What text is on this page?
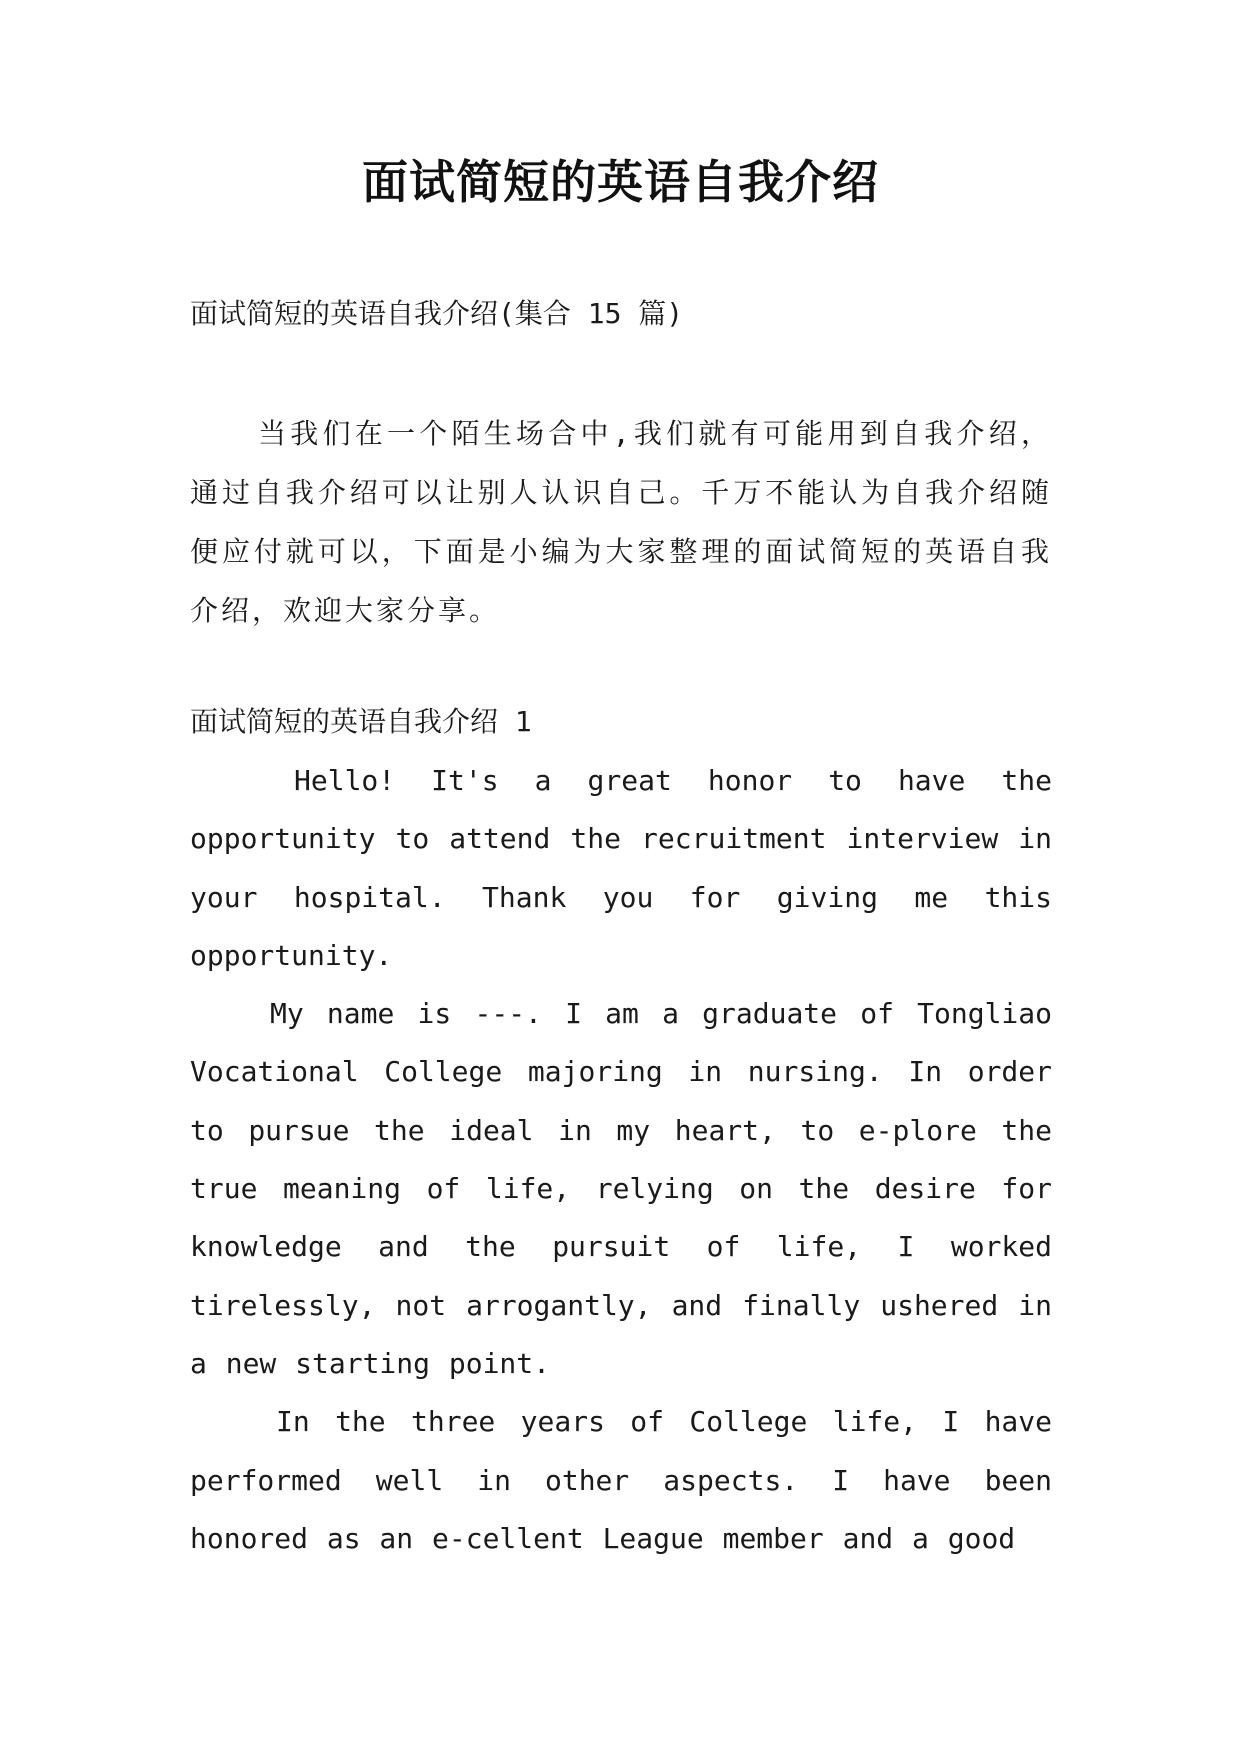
面试简短的英语自我介绍
面试简短的英语自我介绍(集合 15 篇)
当我们在一个陌生场合中,我们就有可能用到自我介绍，通过自我介绍可以让别人认识自己。千万不能认为自我介绍随便应付就可以，下面是小编为大家整理的面试简短的英语自我介绍，欢迎大家分享。
面试简短的英语自我介绍 1

Hello! It's a great honor to have the opportunity to attend the recruitment interview in your hospital. Thank you for giving me this opportunity.

My name is ---. I am a graduate of Tongliao Vocational College majoring in nursing. In order to pursue the ideal in my heart, to e-plore the true meaning of life, relying on the desire for knowledge and the pursuit of life, I worked tirelessly, not arrogantly, and finally ushered in a new starting point.

In the three years of College life, I have performed well in other aspects. I have been honored as an e-cellent League member and a good
